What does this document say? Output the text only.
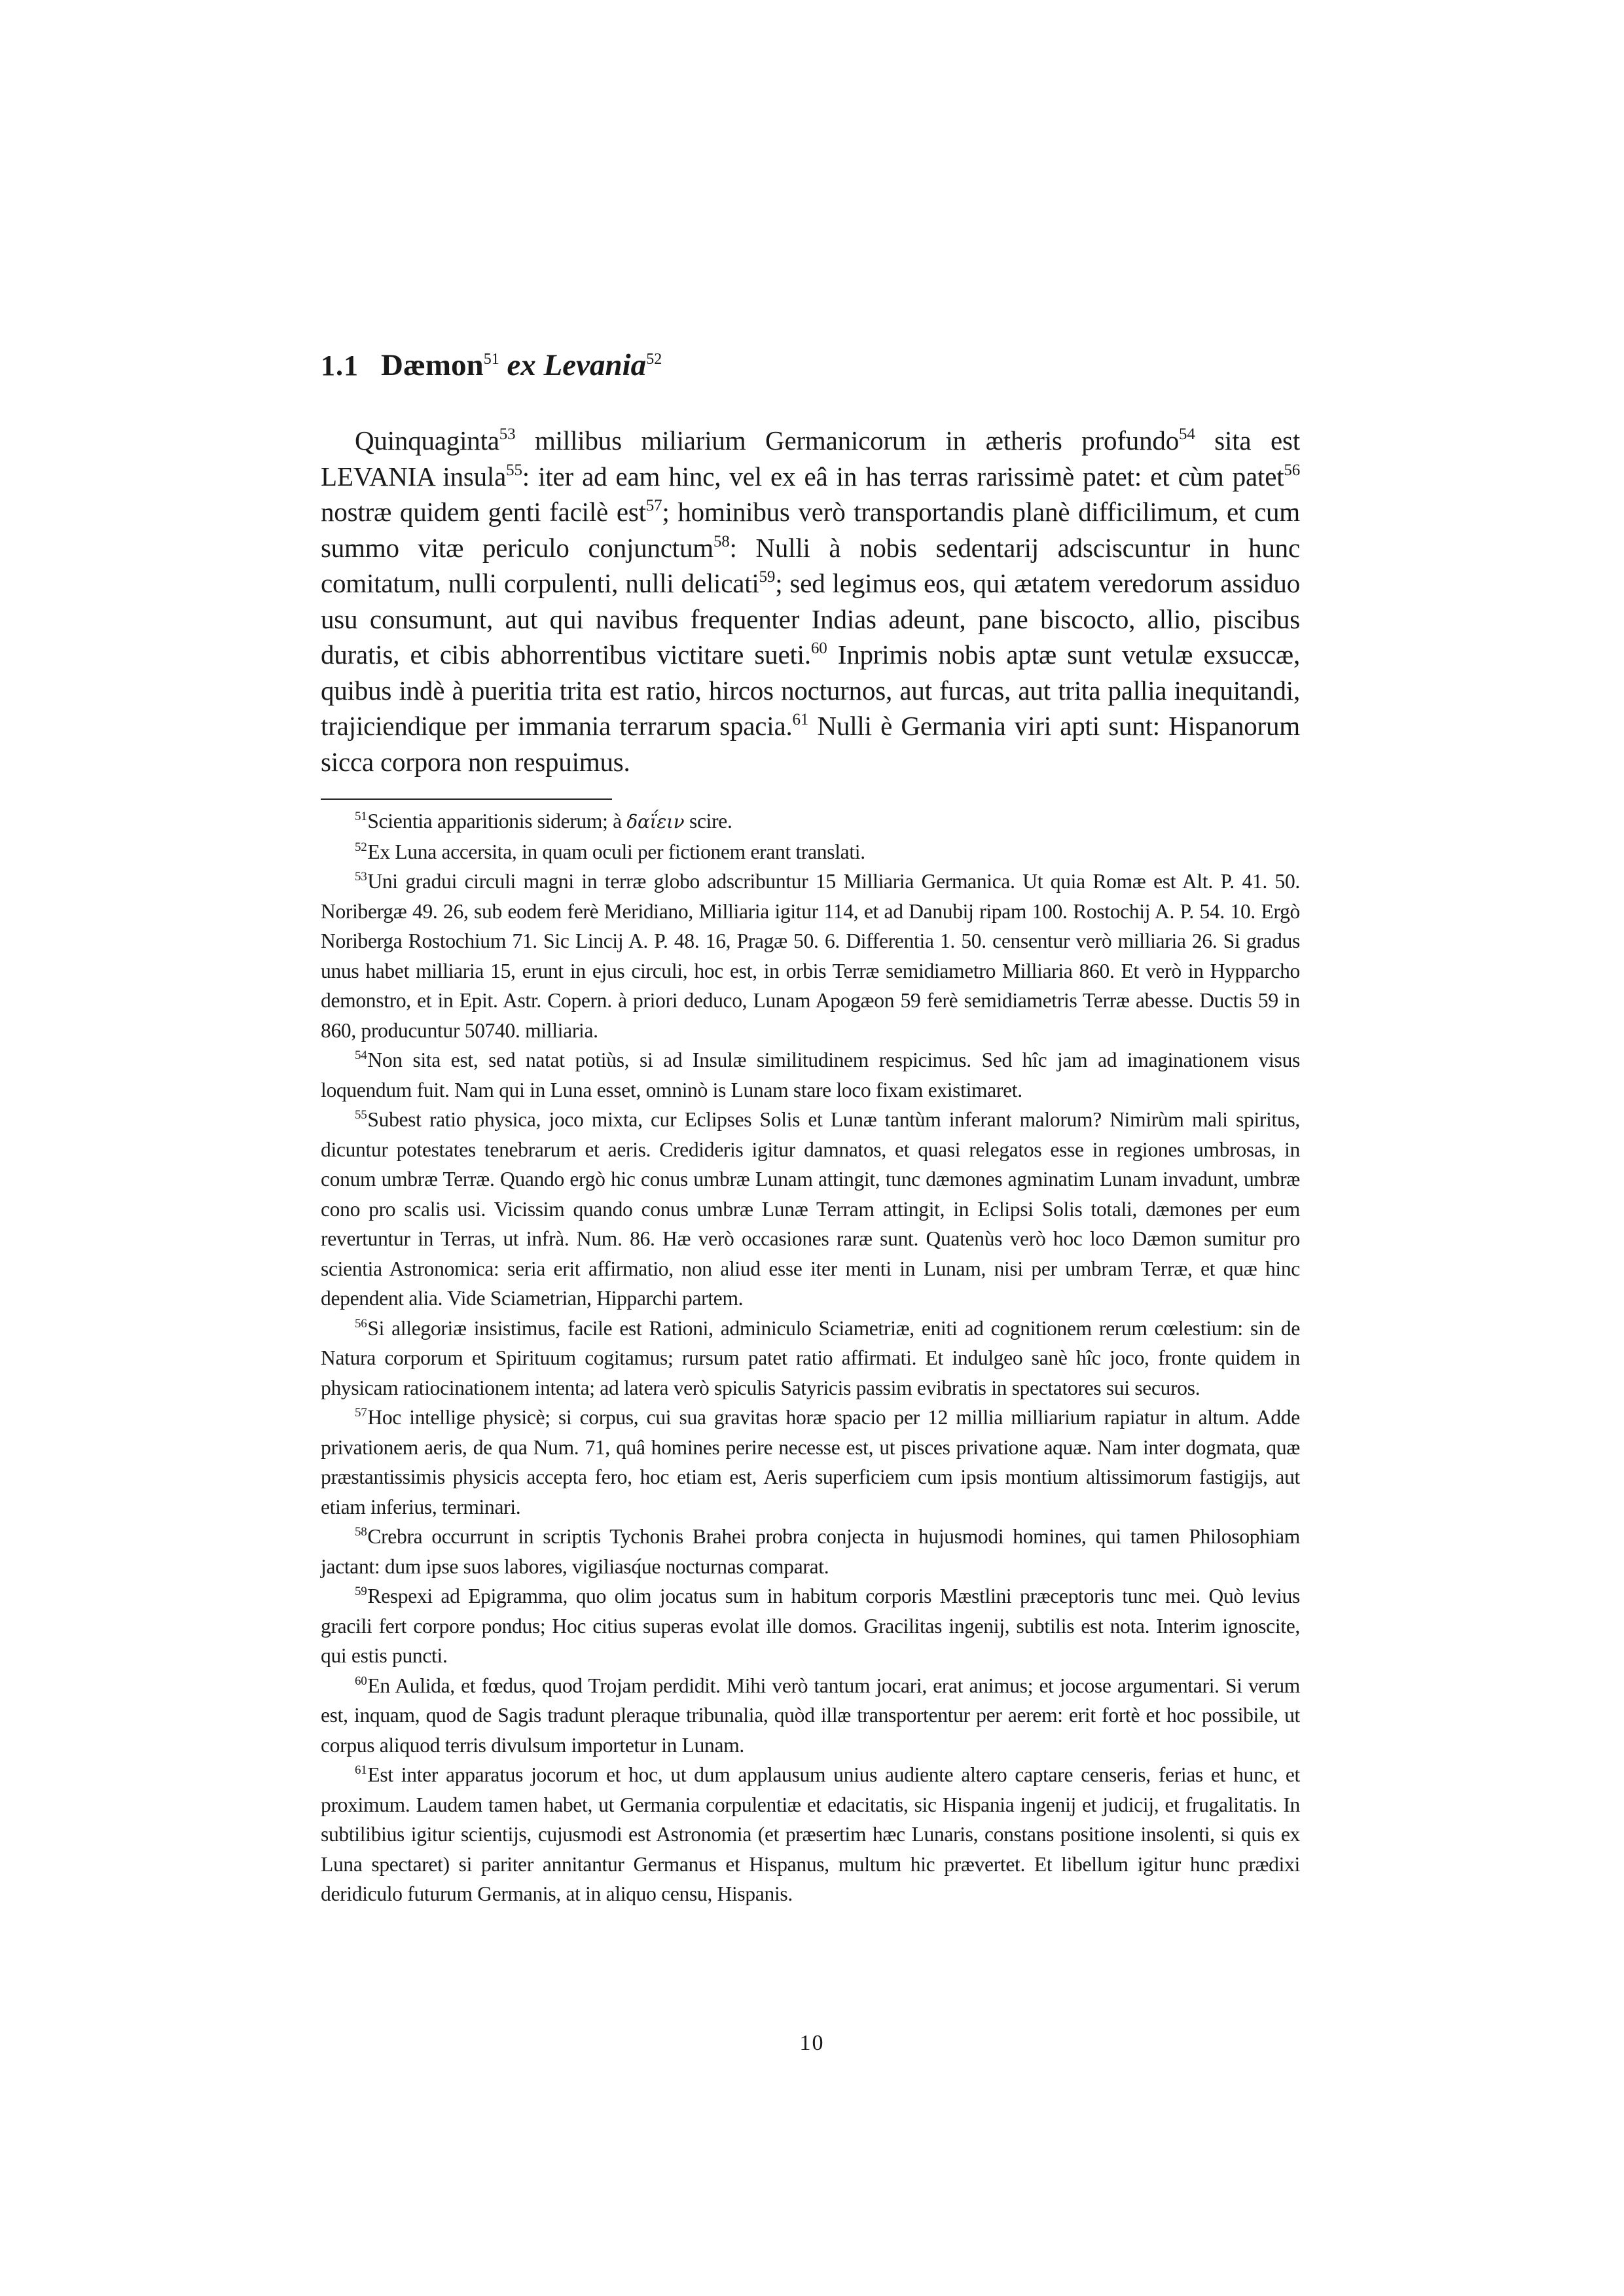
1.1 Dæmon$^{51}$ ex Levania$^{52}$

Quinquaginta$^{53}$ millibus miliarium Germanicorum in ætheris profundo$^{54}$ sita est LEVANIA insula$^{55}$: iter ad eam hinc, vel ex eâ in has terras rarissimè patet: et cùm patet$^{56}$ nostræ quidem genti facilè est$^{57}$; hominibus verò transportandis planè difficilimum, et cum summo vitæ periculo conjunctum$^{58}$: Nulli à nobis sedentarij adsciscuntur in hunc comitatum, nulli corpulenti, nulli delicati$^{59}$; sed legimus eos, qui ætatem veredorum assiduo usu consumunt, aut qui navibus frequenter Indias adeunt, pane biscocto, allio, piscibus duratis, et cibis abhorrentibus victitare sueti.$^{60}$ Inprimis nobis aptæ sunt vetulæ exsuccæ, quibus indè à pueritia trita est ratio, hircos nocturnos, aut furcas, aut trita pallia inequitandi, trajiciendique per immania terrarum spacia.$^{61}$ Nulli è Germania viri apti sunt: Hispanorum sicca corpora non respuimus.

$^{51}$Scientia apparitionis siderum; à δαΐειν scire.

$^{52}$Ex Luna accersita, in quam oculi per fictionem erant translati.

$^{53}$Uni gradui circuli magni in terræ globo adscribuntur 15 Milliaria Germanica. Ut quia Romæ est Alt. P. 41. 50. Noribergæ 49. 26, sub eodem ferè Meridiano, Milliaria igitur 114, et ad Danubij ripam 100. Rostochij A. P. 54. 10. Ergò Noriberga Rostochium 71. Sic Lincij A. P. 48. 16, Pragæ 50. 6. Differentia 1. 50. censentur verò milliaria 26. Si gradus unus habet milliaria 15, erunt in ejus circuli, hoc est, in orbis Terræ semidiametro Milliaria 860. Et verò in Hypparcho demonstro, et in Epit. Astr. Copern. à priori deduco, Lunam Apogæon 59 ferè semidiametris Terræ abesse. Ductis 59 in 860, producuntur 50740. milliaria.

$^{54}$Non sita est, sed natat potiùs, si ad Insulæ similitudinem respicimus. Sed hîc jam ad imaginationem visus loquendum fuit. Nam qui in Luna esset, omninò is Lunam stare loco fixam existimaret.

$^{55}$Subest ratio physica, joco mixta, cur Eclipses Solis et Lunæ tantùm inferant malorum? Nimirùm mali spiritus, dicuntur potestates tenebrarum et aeris. Credideris igitur damnatos, et quasi relegatos esse in regiones umbrosas, in conum umbræ Terræ. Quando ergò hic conus umbræ Lunam attingit, tunc dæmones agminatim Lunam invadunt, umbræ cono pro scalis usi. Vicissim quando conus umbræ Lunæ Terram attingit, in Eclipsi Solis totali, dæmones per eum revertuntur in Terras, ut infrà. Num. 86. Hæ verò occasiones raræ sunt. Quatenùs verò hoc loco Dæmon sumitur pro scientia Astronomica: seria erit affirmatio, non aliud esse iter menti in Lunam, nisi per umbram Terræ, et quæ hinc dependent alia. Vide Sciametrian, Hipparchi partem.

$^{56}$Si allegoriæ insistimus, facile est Rationi, adminiculo Sciametriæ, eniti ad cognitionem rerum cœlestium: sin de Natura corporum et Spirituum cogitamus; rursum patet ratio affirmati. Et indulgeo sanè hîc joco, fronte quidem in physicam ratiocinationem intenta; ad latera verò spiculis Satyricis passim evibratis in spectatores sui securos.

$^{57}$Hoc intellige physicè; si corpus, cui sua gravitas horæ spacio per 12 millia milliarium rapiatur in altum. Adde privationem aeris, de qua Num. 71, quâ homines perire necesse est, ut pisces privatione aquæ. Nam inter dogmata, quæ præstantissimis physicis accepta fero, hoc etiam est, Aeris superficiem cum ipsis montium altissimorum fastigijs, aut etiam inferius, terminari.

$^{58}$Crebra occurrunt in scriptis Tychonis Brahei probra conjecta in hujusmodi homines, qui tamen Philosophiam jactant: dum ipse suos labores, vigiliasq́ue nocturnas comparat.

$^{59}$Respexi ad Epigramma, quo olim jocatus sum in habitum corporis Mæstlini præceptoris tunc mei. Quò levius gracili fert corpore pondus; Hoc citius superas evolat ille domos. Gracilitas ingenij, subtilis est nota. Interim ignoscite, qui estis puncti.

$^{60}$En Aulida, et fœdus, quod Trojam perdidit. Mihi verò tantum jocari, erat animus; et jocose argumentari. Si verum est, inquam, quod de Sagis tradunt pleraque tribunalia, quòd illæ transportentur per aerem: erit fortè et hoc possibile, ut corpus aliquod terris divulsum importetur in Lunam.

$^{61}$Est inter apparatus jocorum et hoc, ut dum applausum unius audiente altero captare censeris, ferias et hunc, et proximum. Laudem tamen habet, ut Germania corpulentiæ et edacitatis, sic Hispania ingenij et judicij, et frugalitatis. In subtilibius igitur scientijs, cujusmodi est Astronomia (et præsertim hæc Lunaris, constans positione insolenti, si quis ex Luna spectaret) si pariter annitantur Germanus et Hispanus, multum hic prævertet. Et libellum igitur hunc prædixi deridiculo futurum Germanis, at in aliquo censu, Hispanis.

10
